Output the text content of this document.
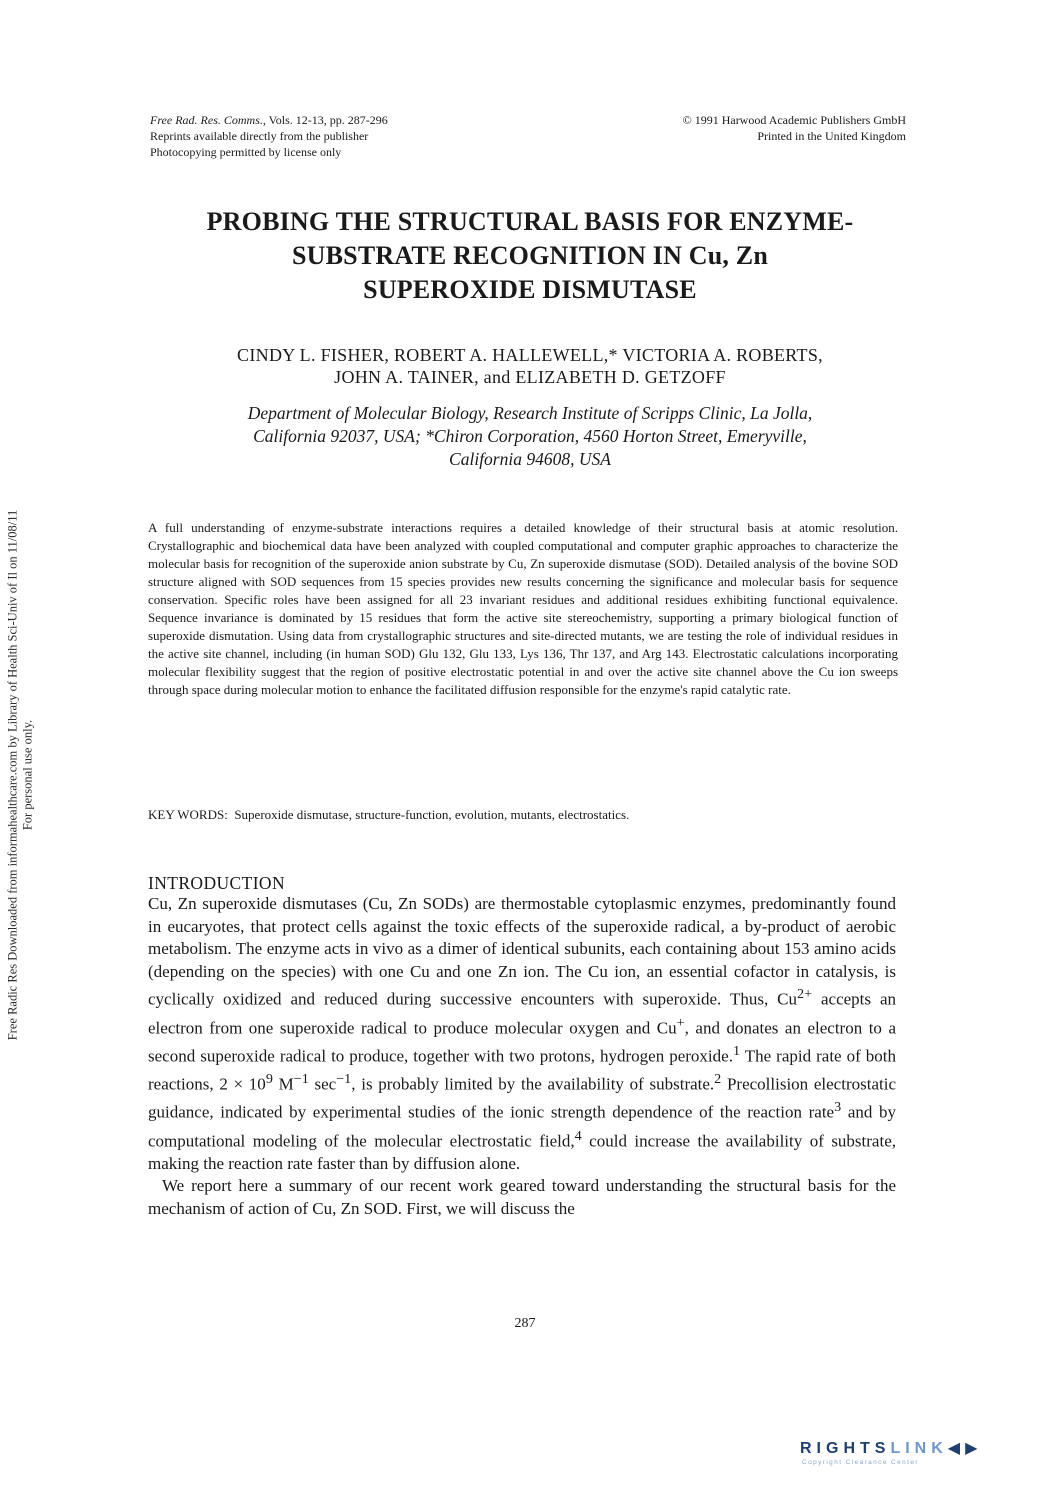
Free Radic Res Downloaded from informahealthcare.com by Library of Health Sci-Univ of Il on 11/08/11 For personal use only.
Free Rad. Res. Comms., Vols. 12-13, pp. 287-296
Reprints available directly from the publisher
Photocopying permitted by license only
© 1991 Harwood Academic Publishers GmbH
Printed in the United Kingdom
PROBING THE STRUCTURAL BASIS FOR ENZYME-
SUBSTRATE RECOGNITION IN Cu, Zn
SUPEROXIDE DISMUTASE
CINDY L. FISHER, ROBERT A. HALLEWELL,* VICTORIA A. ROBERTS,
JOHN A. TAINER, and ELIZABETH D. GETZOFF
Department of Molecular Biology, Research Institute of Scripps Clinic, La Jolla,
California 92037, USA; *Chiron Corporation, 4560 Horton Street, Emeryville,
California 94608, USA

A full understanding of enzyme-substrate interactions requires a detailed knowledge of their structural basis at atomic resolution. Crystallographic and biochemical data have been analyzed with coupled computational and computer graphic approaches to characterize the molecular basis for recognition of the superoxide anion substrate by Cu, Zn superoxide dismutase (SOD). Detailed analysis of the bovine SOD structure aligned with SOD sequences from 15 species provides new results concerning the significance and molecular basis for sequence conservation. Specific roles have been assigned for all 23 invariant residues and additional residues exhibiting functional equivalence. Sequence invariance is dominated by 15 residues that form the active site stereochemistry, supporting a primary biological function of superoxide dismutation. Using data from crystallographic structures and site-directed mutants, we are testing the role of individual residues in the active site channel, including (in human SOD) Glu 132, Glu 133, Lys 136, Thr 137, and Arg 143. Electrostatic calculations incorporating molecular flexibility suggest that the region of positive electrostatic potential in and over the active site channel above the Cu ion sweeps through space during molecular motion to enhance the facilitated diffusion responsible for the enzyme's rapid catalytic rate.

KEY WORDS: Superoxide dismutase, structure-function, evolution, mutants, electrostatics.
INTRODUCTION

Cu, Zn superoxide dismutases (Cu, Zn SODs) are thermostable cytoplasmic enzymes, predominantly found in eucaryotes, that protect cells against the toxic effects of the superoxide radical, a by-product of aerobic metabolism. The enzyme acts in vivo as a dimer of identical subunits, each containing about 153 amino acids (depending on the species) with one Cu and one Zn ion. The Cu ion, an essential cofactor in catalysis, is cyclically oxidized and reduced during successive encounters with superoxide. Thus, $Cu^{2+}$ accepts an electron from one superoxide radical to produce molecular oxygen and Cu+, and donates an electron to a second superoxide radical to produce, together with two protons, hydrogen peroxide.$^1$ The rapid rate of both reactions, $2 \times 10^9$ $M^{-1}$ $\sec^{-1}$, is probably limited by the availability of substrate.$^2$ Precollision electrostatic guidance, indicated by experimental studies of the ionic strength dependence of the reaction rate$^3$ and by computational modeling of the molecular electrostatic field,$^4$ could increase the availability of substrate, making the reaction rate faster than by diffusion alone.

We report here a summary of our recent work geared toward understanding the structural basis for the mechanism of action of Cu, Zn SOD. First, we will discuss the

287
RIGHTSLINK◀▶
Copyright Clearance Center
